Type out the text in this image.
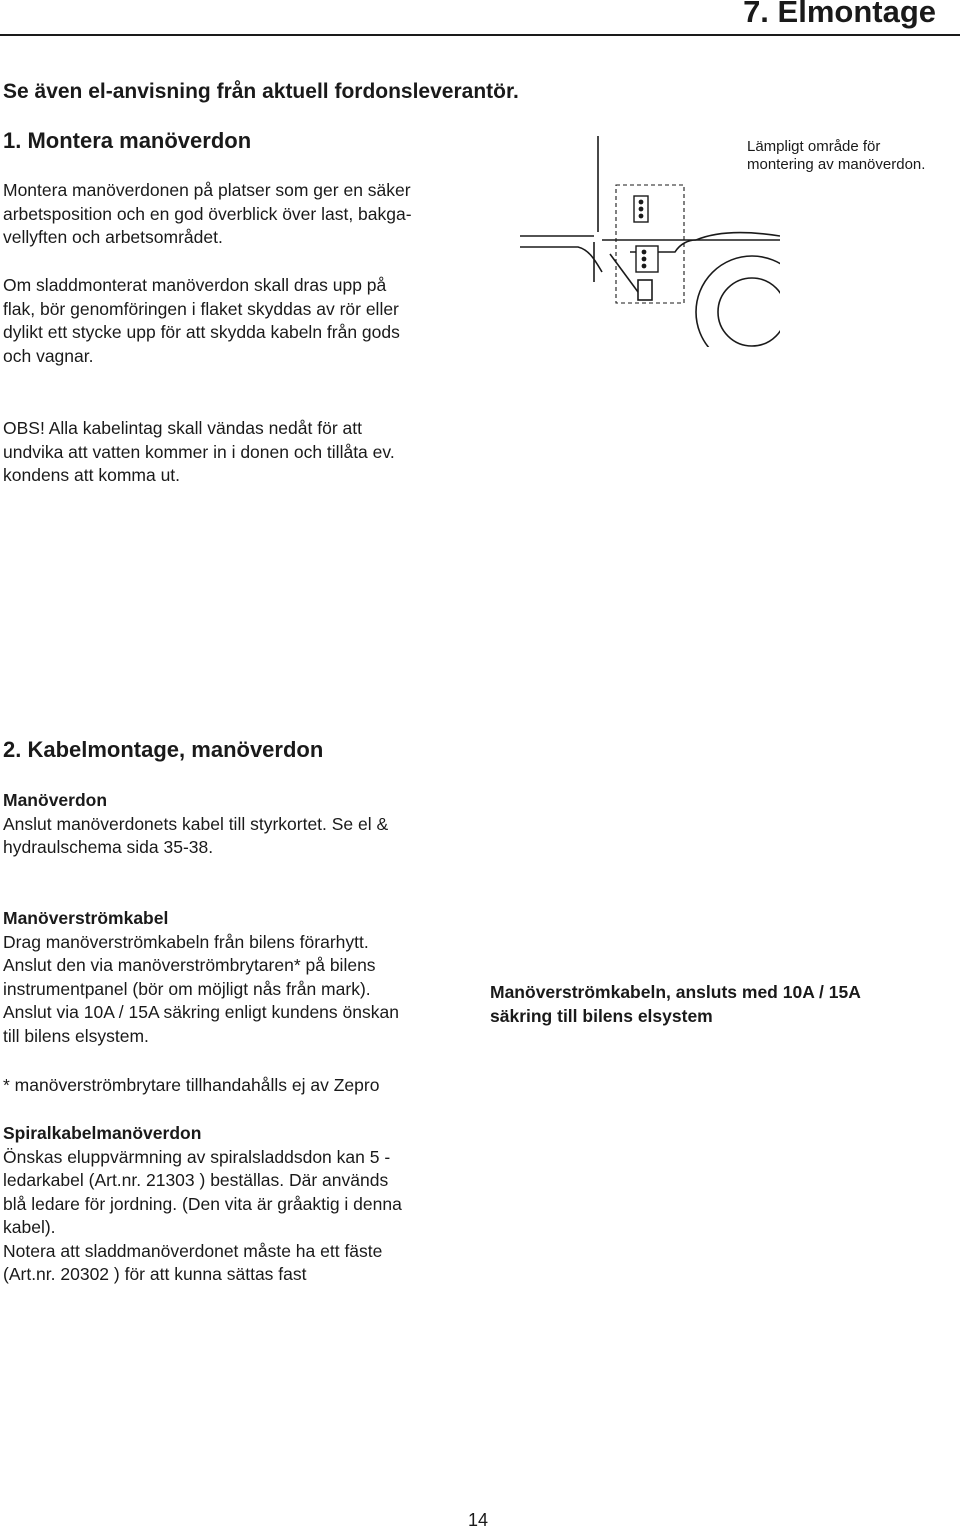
7. Elmontage
Se även el-anvisning från aktuell fordonsleverantör.
1. Montera manöverdon
Montera manöverdonen på platser som ger en säker
arbetsposition och en god överblick över last, bakga-
vellyften och arbetsområdet.
Om sladdmonterat manöverdon skall dras upp på
flak, bör genomföringen i flaket skyddas av rör eller
dylikt ett stycke upp för att skydda kabeln från gods
och vagnar.
OBS! Alla kabelintag skall vändas nedåt för att
undvika att vatten kommer in i donen och tillåta ev.
kondens att komma ut.
Lämpligt område för
montering av manöverdon.
2. Kabelmontage, manöverdon
Manöverdon
Anslut manöverdonets kabel till styrkortet. Se el &
hydraulschema sida 35-38.
Manöverströmkabel
Drag manöverströmkabeln från bilens förarhytt.
Anslut den via manöverströmbrytaren* på bilens
instrumentpanel (bör om möjligt nås från mark).
Anslut via 10A / 15A säkring enligt kundens önskan
till bilens elsystem.
Manöverströmkabeln, ansluts med 10A / 15A
säkring till bilens elsystem
* manöverströmbrytare tillhandahålls ej av Zepro
Spiralkabelmanöverdon
Önskas eluppvärmning av spiralsladdsdon kan 5 -
ledarkabel (Art.nr. 21303 ) beställas. Där används
blå ledare för jordning. (Den vita är gråaktig i denna
kabel).
Notera att sladdmanöverdonet måste ha ett fäste
(Art.nr. 20302 ) för att kunna sättas fast
14
